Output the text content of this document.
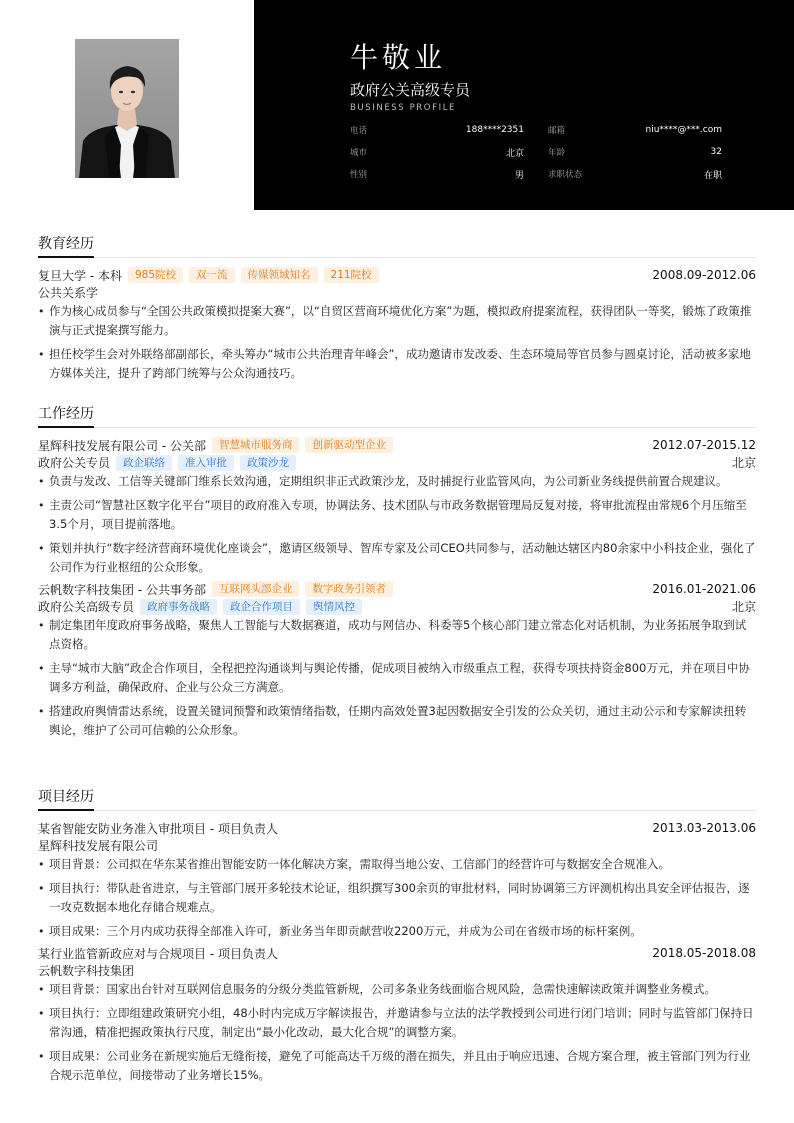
牛敬业
政府公关高级专员
BUSINESS PROFILE
电话	188****2351	邮箱	niu****@***.com
城市	北京	年龄	32
性别	男	求职状态	在职
教育经历
复旦大学 - 本科	985院校	双一流	传媒领域知名	211院校	2008.09-2012.06
公共关系学
• 作为核心成员参与“全国公共政策模拟提案大赛”，以“自贸区营商环境优化方案”为题，模拟政府提案流程，获得团队一等奖，锻炼了政策推演与正式提案撰写能力。
• 担任校学生会对外联络部副部长，牵头筹办“城市公共治理青年峰会”，成功邀请市发改委、生态环境局等官员参与圆桌讨论，活动被多家地方媒体关注，提升了跨部门统筹与公众沟通技巧。
工作经历
星辉科技发展有限公司 - 公关部	智慧城市服务商	创新驱动型企业	2012.07-2015.12
政府公关专员	政企联络	准入审批	政策沙龙	北京
• 负责与发改、工信等关键部门维系长效沟通，定期组织非正式政策沙龙，及时捕捉行业监管风向，为公司新业务线提供前置合规建议。
• 主责公司“智慧社区数字化平台”项目的政府准入专项，协调法务、技术团队与市政务数据管理局反复对接，将审批流程由常规6个月压缩至3.5个月，项目提前落地。
• 策划并执行“数字经济营商环境优化座谈会”，邀请区级领导、智库专家及公司CEO共同参与，活动触达辖区内80余家中小科技企业，强化了公司作为行业枢纽的公众形象。
云帆数字科技集团 - 公共事务部	互联网头部企业	数字政务引领者	2016.01-2021.06
政府公关高级专员	政府事务战略	政企合作项目	舆情风控	北京
• 制定集团年度政府事务战略，聚焦人工智能与大数据赛道，成功与网信办、科委等5个核心部门建立常态化对话机制，为业务拓展争取到试点资格。
• 主导“城市大脑”政企合作项目，全程把控沟通谈判与舆论传播，促成项目被纳入市级重点工程，获得专项扶持资金800万元，并在项目中协调多方利益，确保政府、企业与公众三方满意。
• 搭建政府舆情雷达系统，设置关键词预警和政策情绪指数，任期内高效处置3起因数据安全引发的公众关切，通过主动公示和专家解读扭转舆论，维护了公司可信赖的公众形象。
项目经历
某省智能安防业务准入审批项目 - 项目负责人	2013.03-2013.06
星辉科技发展有限公司
• 项目背景：公司拟在华东某省推出智能安防一体化解决方案，需取得当地公安、工信部门的经营许可与数据安全合规准入。
• 项目执行：带队赴省进京，与主管部门展开多轮技术论证，组织撰写300余页的审批材料，同时协调第三方评测机构出具安全评估报告，逐一攻克数据本地化存储合规难点。
• 项目成果：三个月内成功获得全部准入许可，新业务当年即贡献营收2200万元，并成为公司在省级市场的标杆案例。
某行业监管新政应对与合规项目 - 项目负责人	2018.05-2018.08
云帆数字科技集团
• 项目背景：国家出台针对互联网信息服务的分级分类监管新规，公司多条业务线面临合规风险，急需快速解读政策并调整业务模式。
• 项目执行：立即组建政策研究小组，48小时内完成万字解读报告，并邀请参与立法的法学教授到公司进行闭门培训；同时与监管部门保持日常沟通，精准把握政策执行尺度，制定出“最小化改动，最大化合规”的调整方案。
• 项目成果：公司业务在新规实施后无缝衔接，避免了可能高达千万级的潜在损失，并且由于响应迅速、合规方案合理，被主管部门列为行业合规示范单位，间接带动了业务增长15%。
